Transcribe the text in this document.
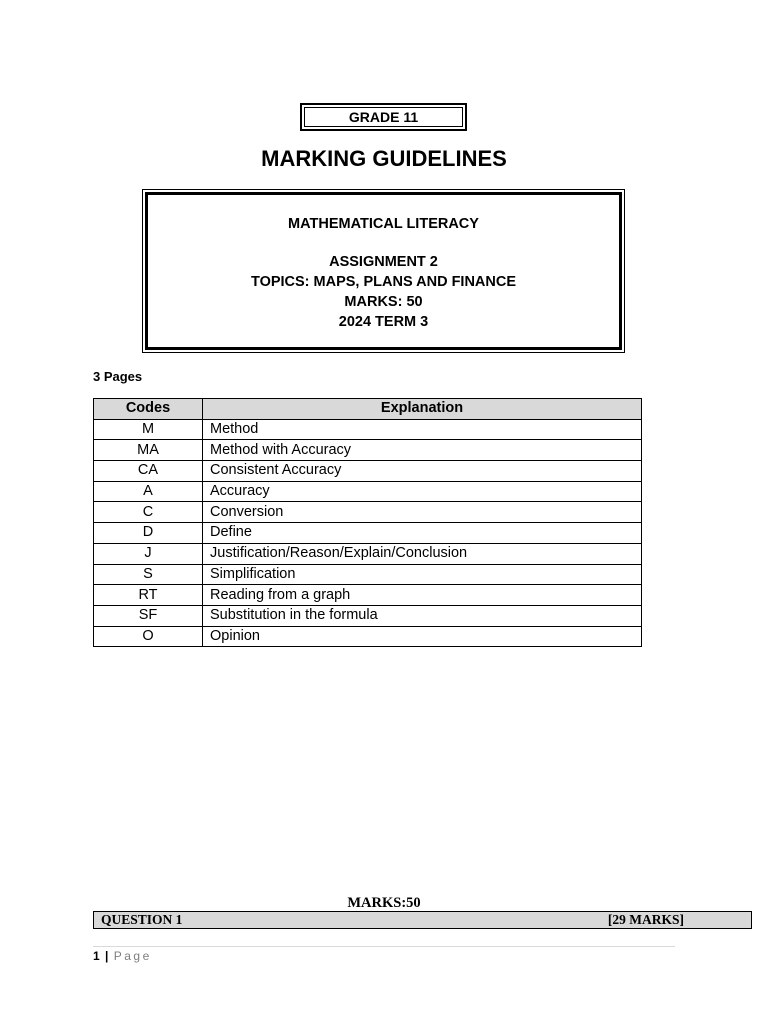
GRADE 11
MARKING GUIDELINES
MATHEMATICAL LITERACY
ASSIGNMENT 2
TOPICS: MAPS, PLANS AND FINANCE
MARKS: 50
2024 TERM 3
3 Pages
Codes	Explanation
M	Method
MA	Method with Accuracy
CA	Consistent Accuracy
A	Accuracy
C	Conversion
D	Define
J	Justification/Reason/Explain/Conclusion
S	Simplification
RT	Reading from a graph
SF	Substitution in the formula
O	Opinion
MARKS:50
QUESTION 1	[29 MARKS]
1 | Page
